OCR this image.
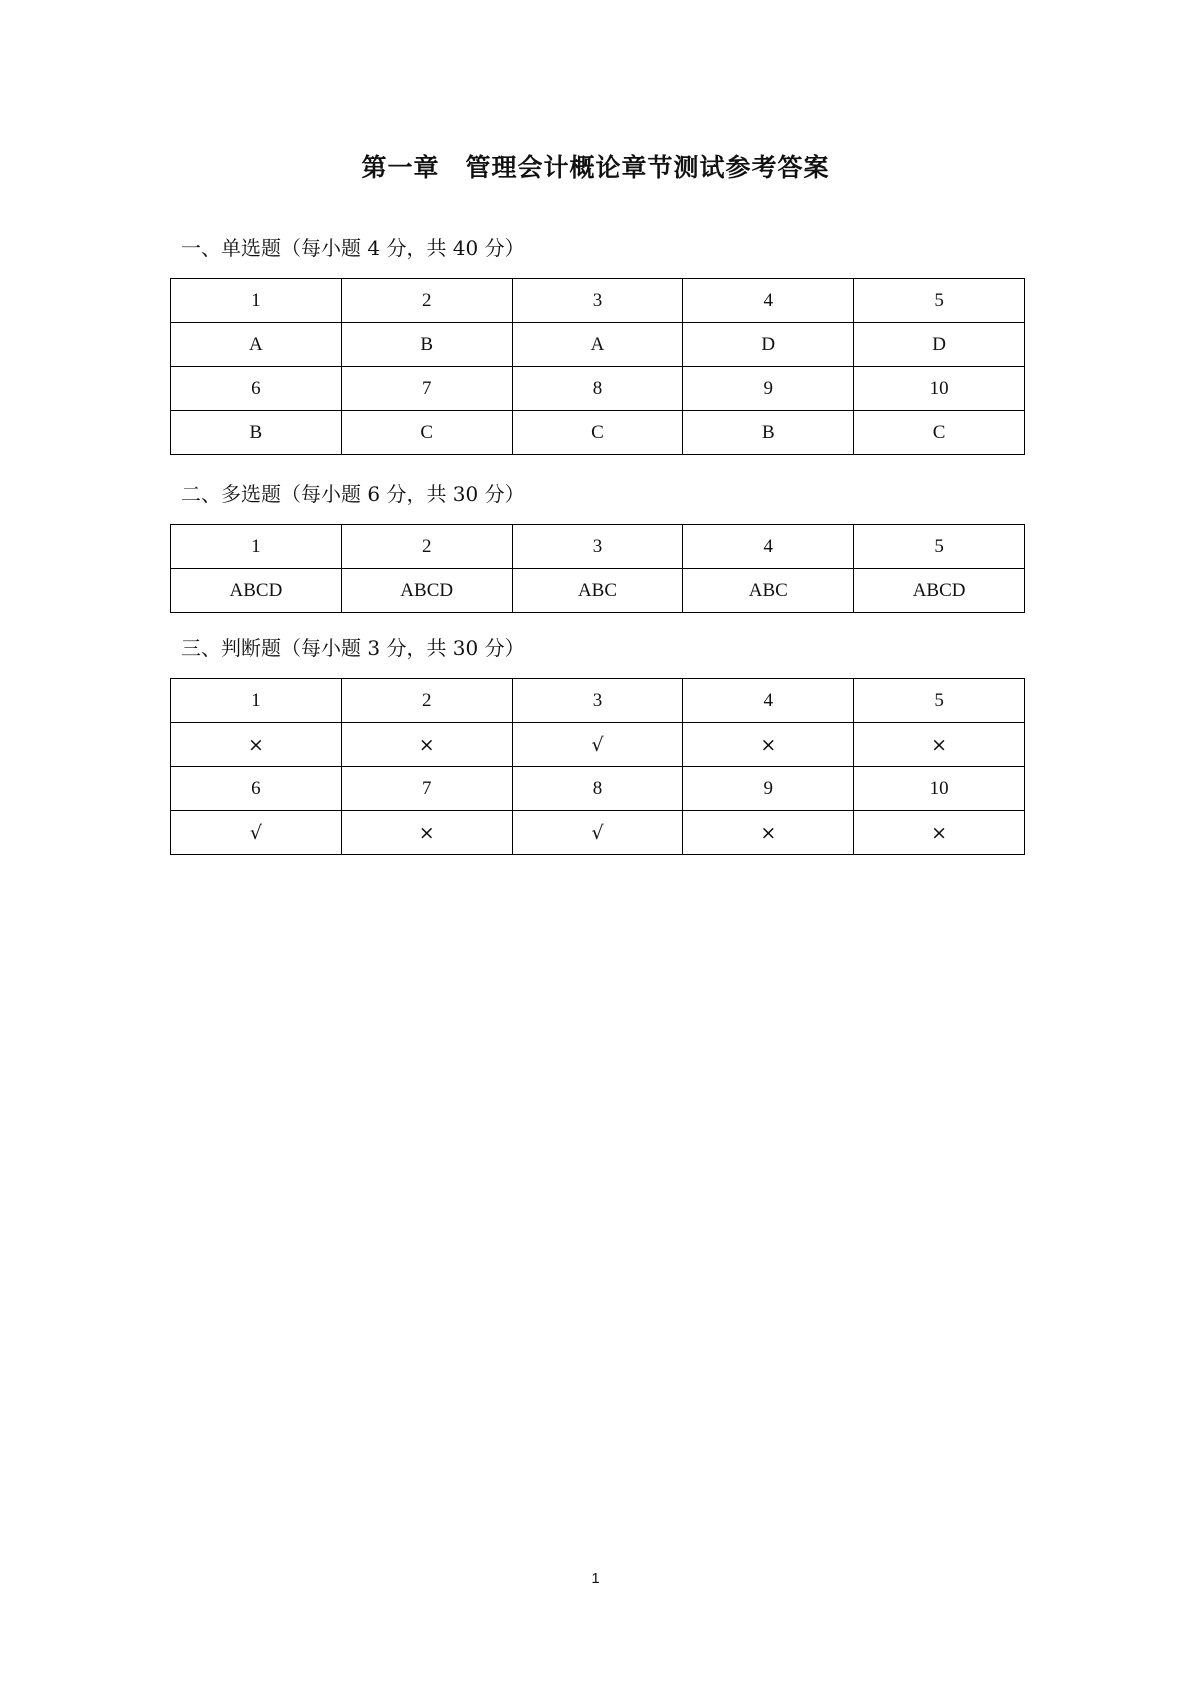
第一章　管理会计概论章节测试参考答案
一、单选题（每小题 4 分，共 40 分）
1	2	3	4	5
A	B	A	D	D
6	7	8	9	10
B	C	C	B	C
二、多选题（每小题 6 分，共 30 分）
1	2	3	4	5
ABCD	ABCD	ABC	ABC	ABCD
三、判断题（每小题 3 分，共 30 分）
1	2	3	4	5
×	×	√	×	×
6	7	8	9	10
√	×	√	×	×
1
